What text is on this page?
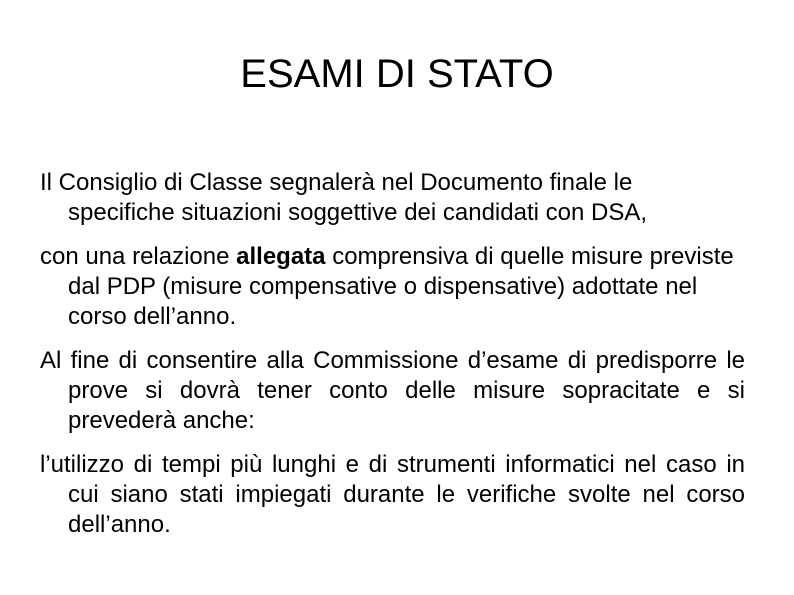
ESAMI DI STATO

Il Consiglio di Classe segnalerà nel Documento finale le specifiche situazioni soggettive dei candidati con DSA,

con una relazione allegata comprensiva di quelle misure previste dal PDP (misure compensative o dispensative) adottate nel corso dell’anno.

Al fine di consentire alla Commissione d’esame di predisporre le prove si dovrà tener conto delle misure sopracitate e si prevederà anche:

l’utilizzo di tempi più lunghi e di strumenti informatici nel caso in cui siano stati impiegati durante le verifiche svolte nel corso dell’anno.
